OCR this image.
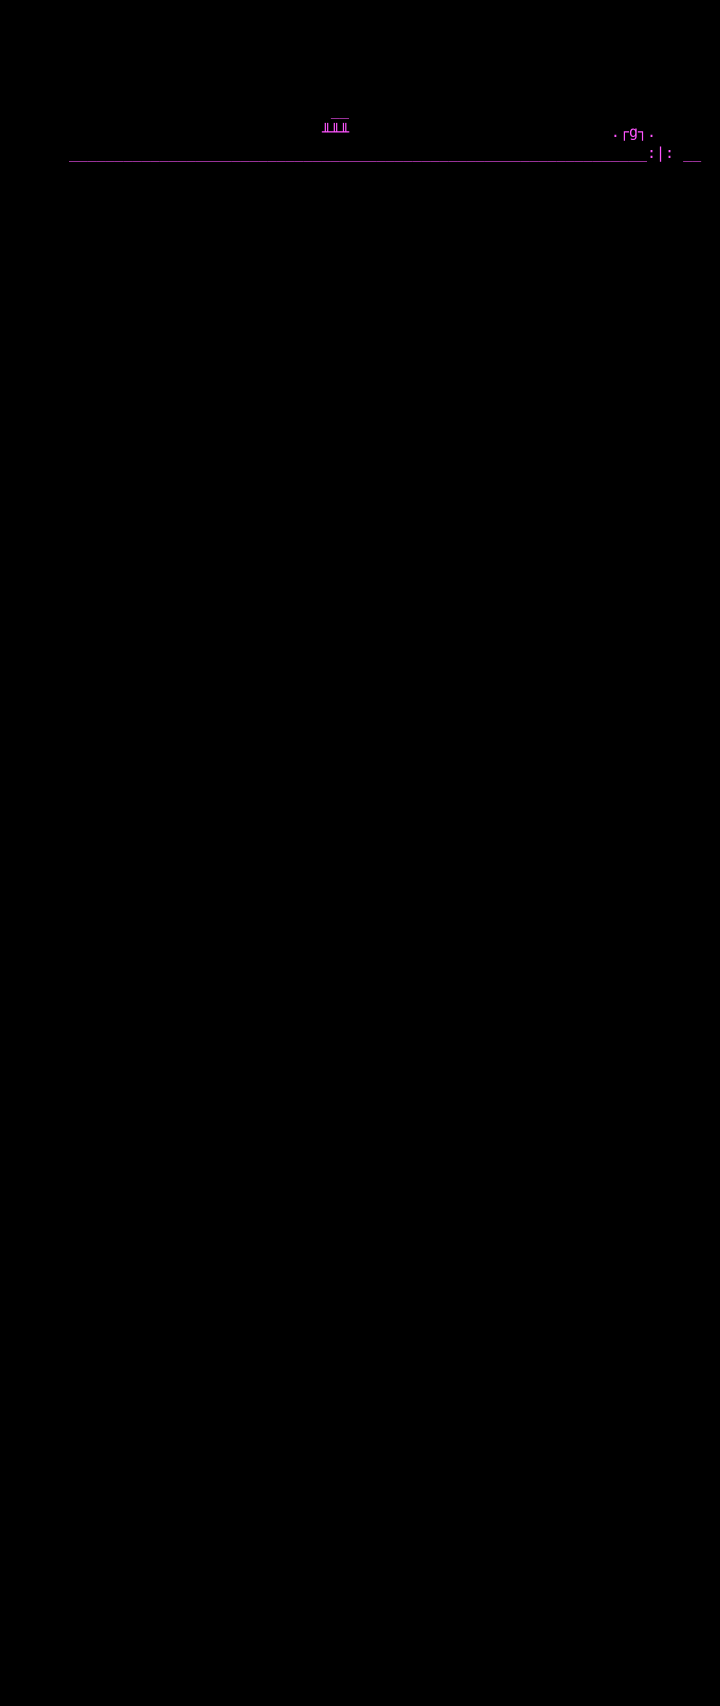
__
╨╨╨                             .┌g┐.
________________________________________________________________:|: __
